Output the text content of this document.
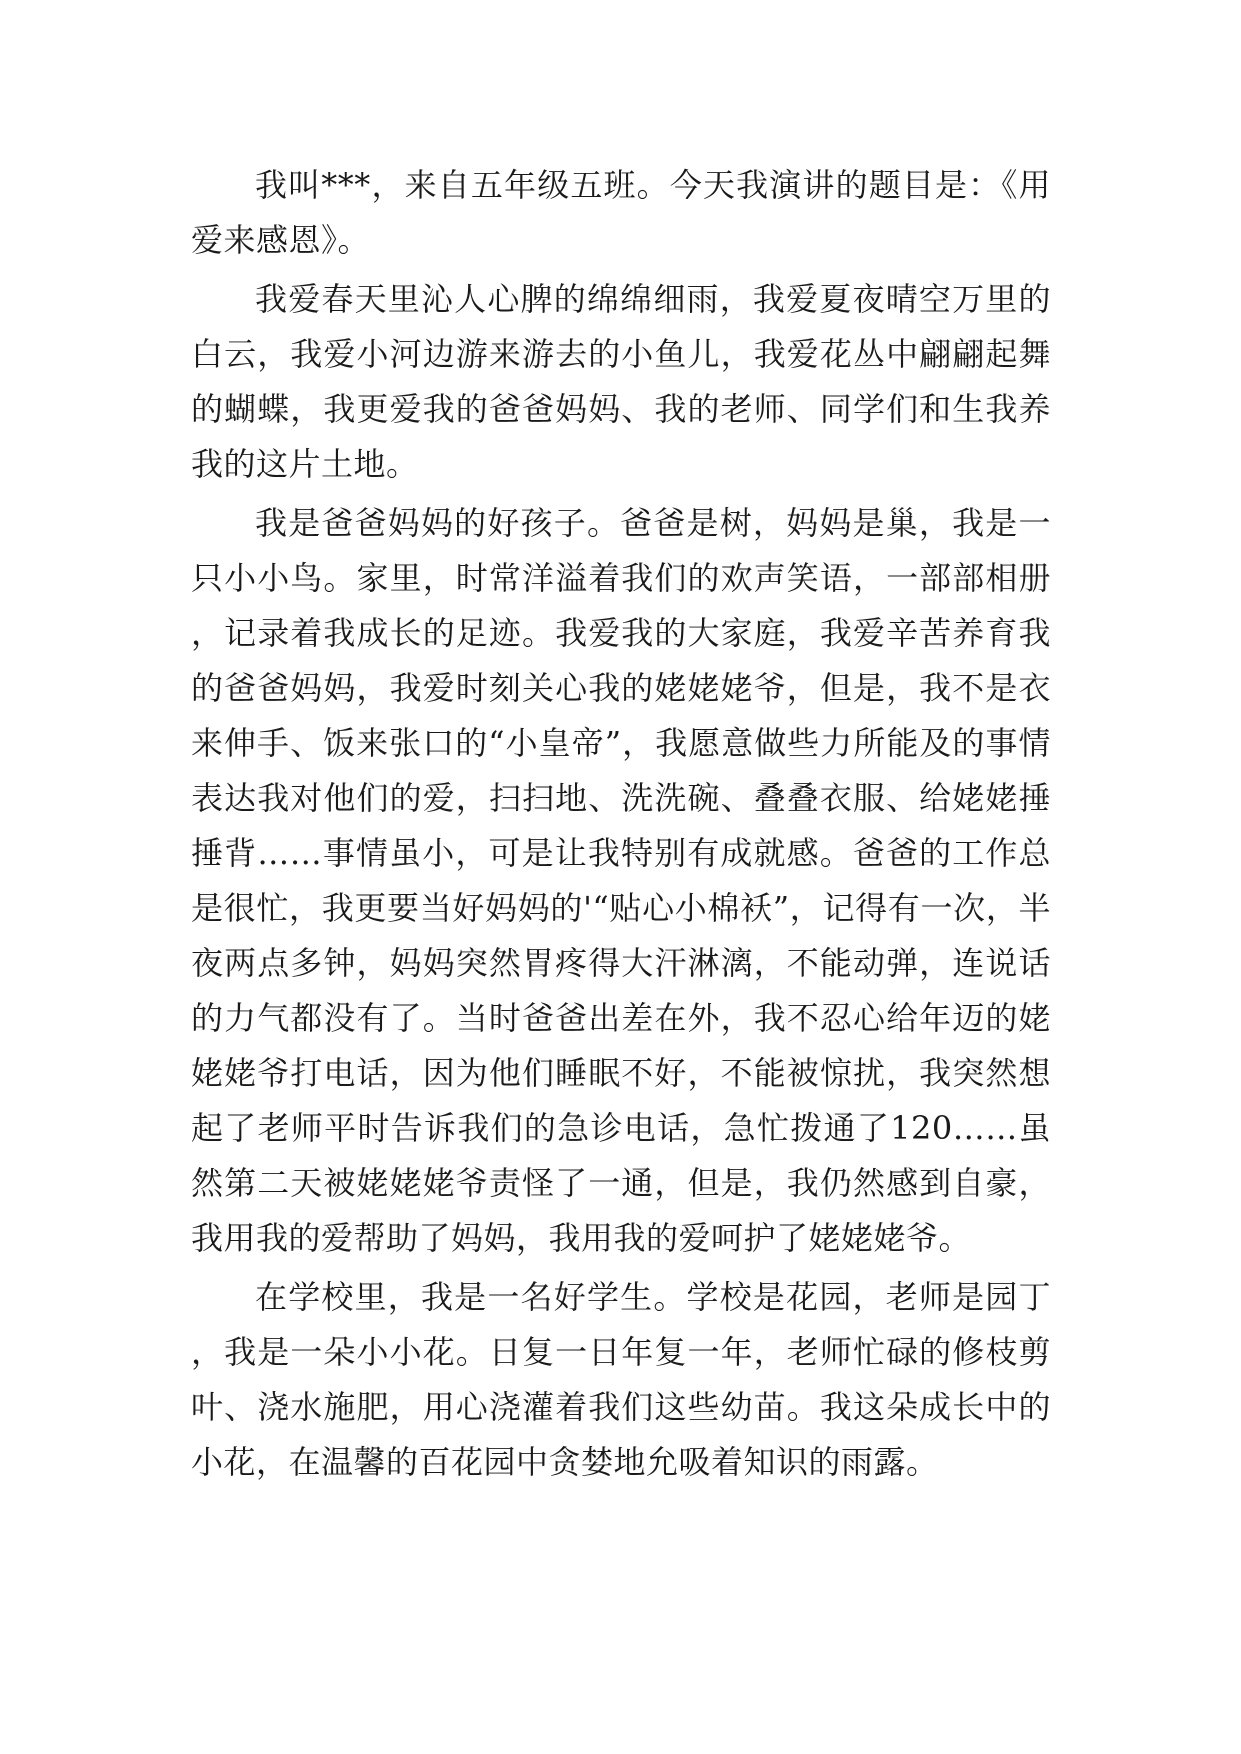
我叫***，来自五年级五班。今天我演讲的题目是：《用爱来感恩》。

我爱春天里沁人心脾的绵绵细雨，我爱夏夜晴空万里的白云，我爱小河边游来游去的小鱼儿，我爱花丛中翩翩起舞的蝴蝶，我更爱我的爸爸妈妈、我的老师、同学们和生我养我的这片土地。

我是爸爸妈妈的好孩子。爸爸是树，妈妈是巢，我是一只小小鸟。家里，时常洋溢着我们的欢声笑语，一部部相册，记录着我成长的足迹。我爱我的大家庭，我爱辛苦养育我的爸爸妈妈，我爱时刻关心我的姥姥姥爷，但是，我不是衣来伸手、饭来张口的“小皇帝”，我愿意做些力所能及的事情表达我对他们的爱，扫扫地、洗洗碗、叠叠衣服、给姥姥捶捶背……事情虽小，可是让我特别有成就感。爸爸的工作总是很忙，我更要当好妈妈的'“贴心小棉袄”，记得有一次，半夜两点多钟，妈妈突然胃疼得大汗淋漓，不能动弹，连说话的力气都没有了。当时爸爸出差在外，我不忍心给年迈的姥姥姥爷打电话，因为他们睡眠不好，不能被惊扰，我突然想起了老师平时告诉我们的急诊电话，急忙拨通了120……虽然第二天被姥姥姥爷责怪了一通，但是，我仍然感到自豪，我用我的爱帮助了妈妈，我用我的爱呵护了姥姥姥爷。

在学校里，我是一名好学生。学校是花园，老师是园丁，我是一朵小小花。日复一日年复一年，老师忙碌的修枝剪叶、浇水施肥，用心浇灌着我们这些幼苗。我这朵成长中的小花，在温馨的百花园中贪婪地允吸着知识的雨露。
